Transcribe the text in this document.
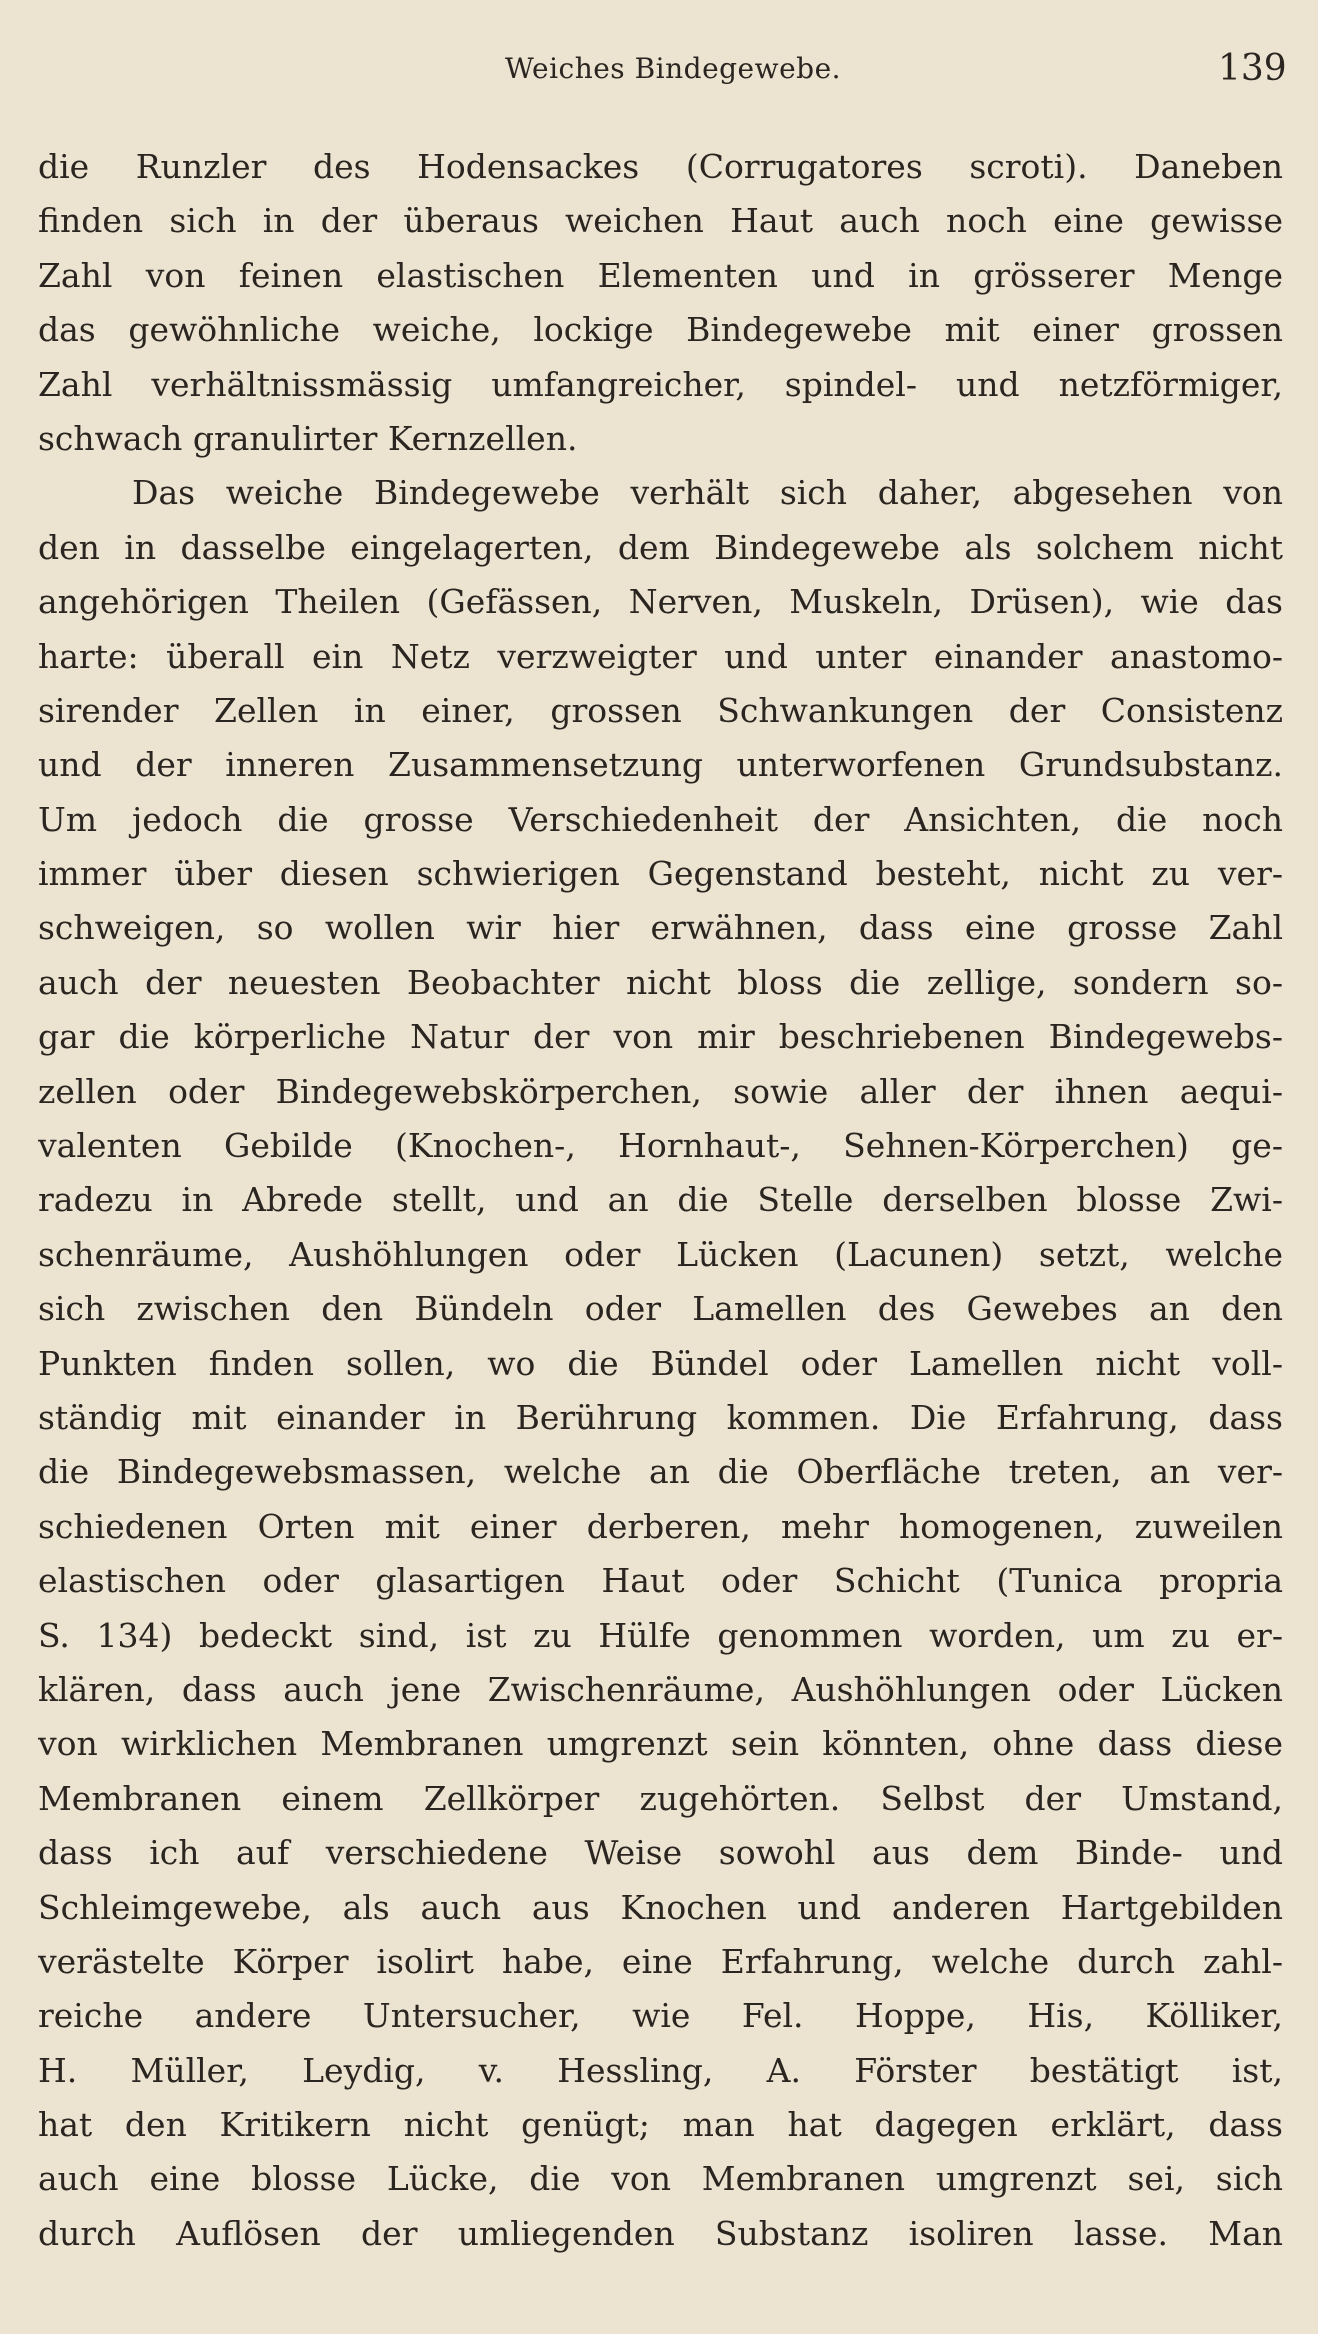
Weiches Bindegewebe.	139
die Runzler des Hodensackes (Corrugatores scroti). Daneben
finden sich in der überaus weichen Haut auch noch eine gewisse
Zahl von feinen elastischen Elementen und in grösserer Menge
das gewöhnliche weiche, lockige Bindegewebe mit einer grossen
Zahl verhältnissmässig umfangreicher, spindel- und netzförmiger,
schwach granulirter Kernzellen.
Das weiche Bindegewebe verhält sich daher, abgesehen von
den in dasselbe eingelagerten, dem Bindegewebe als solchem nicht
angehörigen Theilen (Gefässen, Nerven, Muskeln, Drüsen), wie das
harte: überall ein Netz verzweigter und unter einander anastomo-
sirender Zellen in einer, grossen Schwankungen der Consistenz
und der inneren Zusammensetzung unterworfenen Grundsubstanz.
Um jedoch die grosse Verschiedenheit der Ansichten, die noch
immer über diesen schwierigen Gegenstand besteht, nicht zu ver-
schweigen, so wollen wir hier erwähnen, dass eine grosse Zahl
auch der neuesten Beobachter nicht bloss die zellige, sondern so-
gar die körperliche Natur der von mir beschriebenen Bindegewebs-
zellen oder Bindegewebskörperchen, sowie aller der ihnen aequi-
valenten Gebilde (Knochen-, Hornhaut-, Sehnen-Körperchen) ge-
radezu in Abrede stellt, und an die Stelle derselben blosse Zwi-
schenräume, Aushöhlungen oder Lücken (Lacunen) setzt, welche
sich zwischen den Bündeln oder Lamellen des Gewebes an den
Punkten finden sollen, wo die Bündel oder Lamellen nicht voll-
ständig mit einander in Berührung kommen. Die Erfahrung, dass
die Bindegewebsmassen, welche an die Oberfläche treten, an ver-
schiedenen Orten mit einer derberen, mehr homogenen, zuweilen
elastischen oder glasartigen Haut oder Schicht (Tunica propria
S. 134) bedeckt sind, ist zu Hülfe genommen worden, um zu er-
klären, dass auch jene Zwischenräume, Aushöhlungen oder Lücken
von wirklichen Membranen umgrenzt sein könnten, ohne dass diese
Membranen einem Zellkörper zugehörten. Selbst der Umstand,
dass ich auf verschiedene Weise sowohl aus dem Binde- und
Schleimgewebe, als auch aus Knochen und anderen Hartgebilden
verästelte Körper isolirt habe, eine Erfahrung, welche durch zahl-
reiche andere Untersucher, wie Fel. Hoppe, His, Kölliker,
H. Müller, Leydig, v. Hessling, A. Förster bestätigt ist,
hat den Kritikern nicht genügt; man hat dagegen erklärt, dass
auch eine blosse Lücke, die von Membranen umgrenzt sei, sich
durch Auflösen der umliegenden Substanz isoliren lasse. Man
